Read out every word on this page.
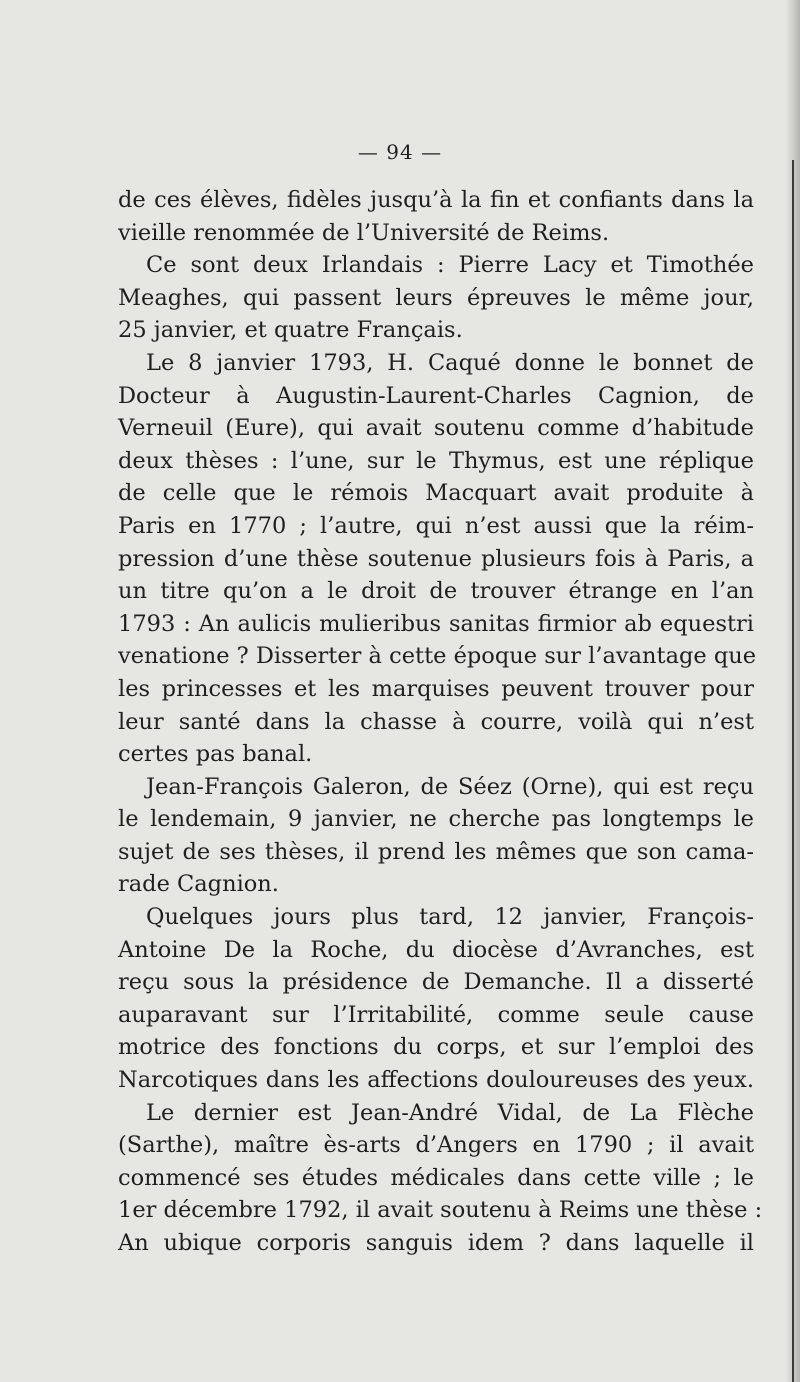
— 94 —
de ces élèves, fidèles jusqu’à la fin et confiants dans la
vieille renommée de l’Université de Reims.
Ce sont deux Irlandais : Pierre Lacy et Timothée
Meaghes, qui passent leurs épreuves le même jour,
25 janvier, et quatre Français.
Le 8 janvier 1793, H. Caqué donne le bonnet de
Docteur à Augustin-Laurent-Charles Cagnion, de
Verneuil (Eure), qui avait soutenu comme d’habitude
deux thèses : l’une, sur le Thymus, est une réplique
de celle que le rémois Macquart avait produite à
Paris en 1770 ; l’autre, qui n’est aussi que la réim-
pression d’une thèse soutenue plusieurs fois à Paris, a
un titre qu’on a le droit de trouver étrange en l’an
1793 : An aulicis mulieribus sanitas firmior ab equestri
venatione ? Disserter à cette époque sur l’avantage que
les princesses et les marquises peuvent trouver pour
leur santé dans la chasse à courre, voilà qui n’est
certes pas banal.
Jean-François Galeron, de Séez (Orne), qui est reçu
le lendemain, 9 janvier, ne cherche pas longtemps le
sujet de ses thèses, il prend les mêmes que son cama-
rade Cagnion.
Quelques jours plus tard, 12 janvier, François-
Antoine De la Roche, du diocèse d’Avranches, est
reçu sous la présidence de Demanche. Il a disserté
auparavant sur l’Irritabilité, comme seule cause
motrice des fonctions du corps, et sur l’emploi des
Narcotiques dans les affections douloureuses des yeux.
Le dernier est Jean-André Vidal, de La Flèche
(Sarthe), maître ès-arts d’Angers en 1790 ; il avait
commencé ses études médicales dans cette ville ; le
1er décembre 1792, il avait soutenu à Reims une thèse :
An ubique corporis sanguis idem ? dans laquelle il
